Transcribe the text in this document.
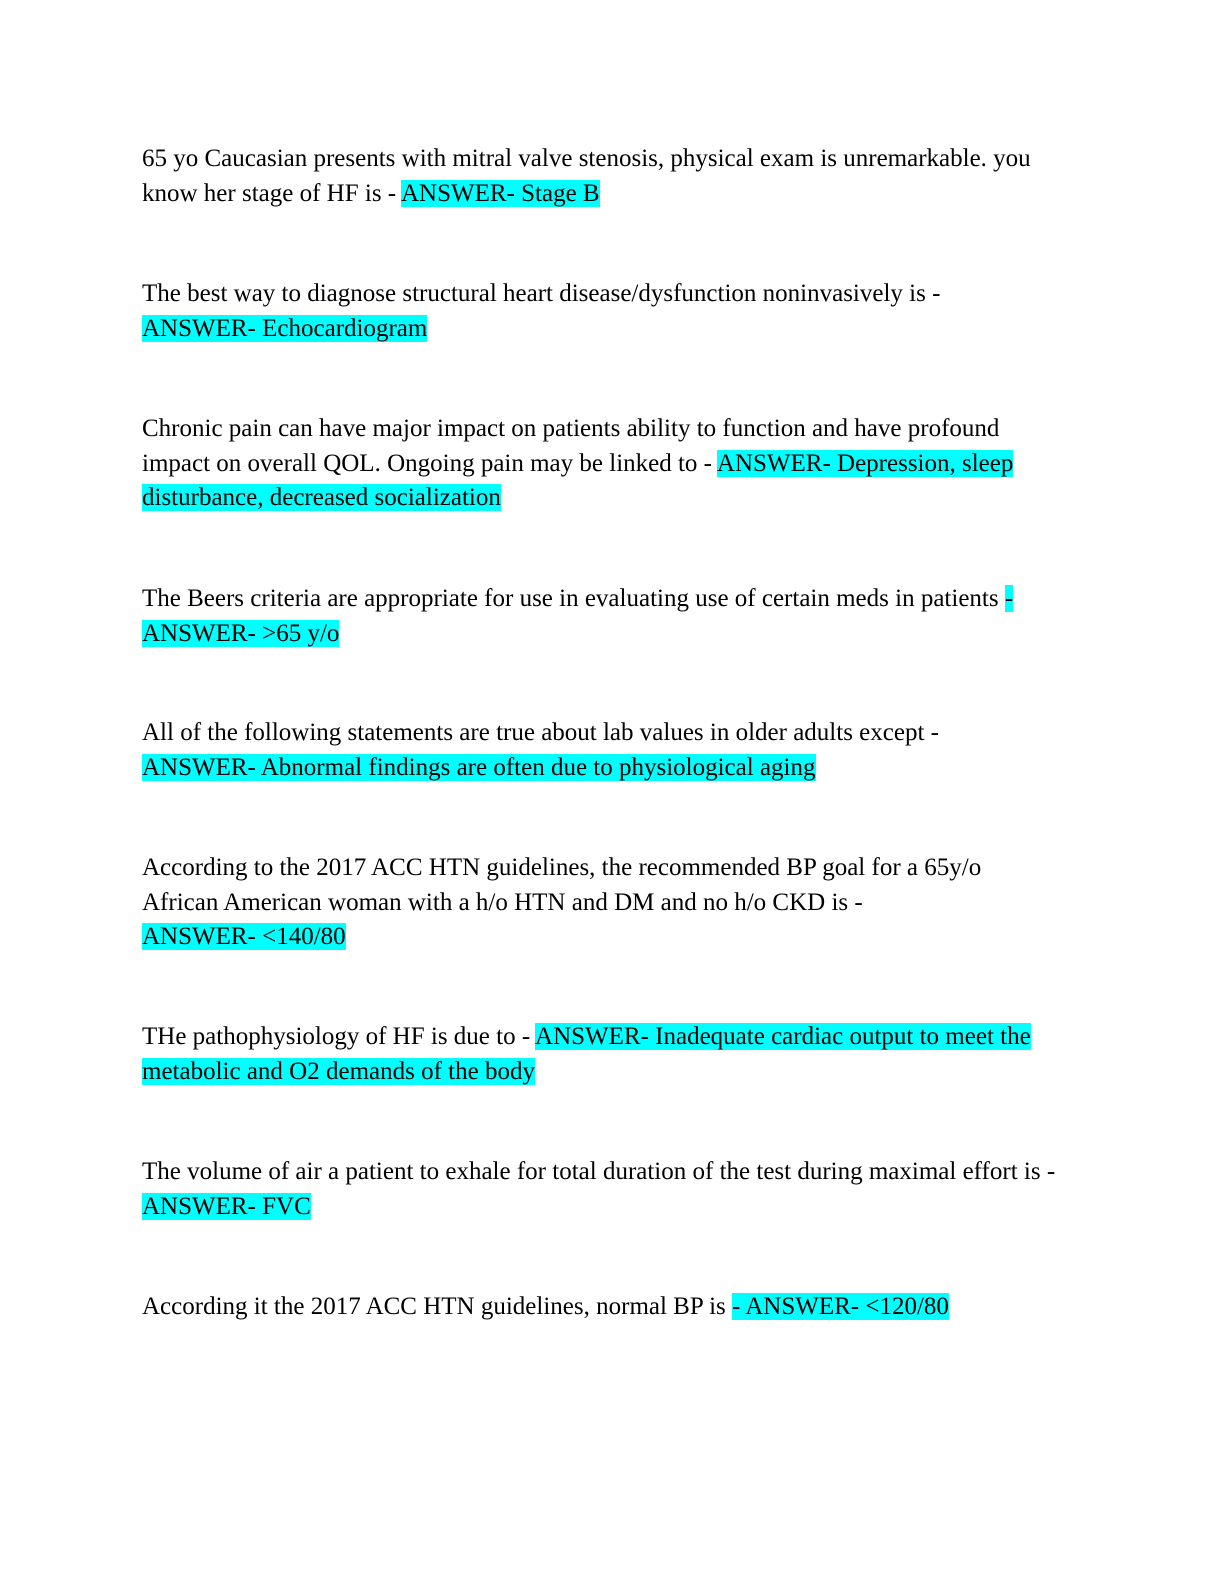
65 yo Caucasian presents with mitral valve stenosis, physical exam is unremarkable. you know her stage of HF is - ANSWER- Stage B

The best way to diagnose structural heart disease/dysfunction noninvasively is -
ANSWER- Echocardiogram

Chronic pain can have major impact on patients ability to function and have profound impact on overall QOL. Ongoing pain may be linked to - ANSWER- Depression, sleep disturbance, decreased socialization

The Beers criteria are appropriate for use in evaluating use of certain meds in patients - ANSWER- >65 y/o

All of the following statements are true about lab values in older adults except -
ANSWER- Abnormal findings are often due to physiological aging

According to the 2017 ACC HTN guidelines, the recommended BP goal for a 65y/o African American woman with a h/o HTN and DM and no h/o CKD is -
ANSWER- <140/80

THe pathophysiology of HF is due to - ANSWER- Inadequate cardiac output to meet the metabolic and O2 demands of the body

The volume of air a patient to exhale for total duration of the test during maximal effort is - ANSWER- FVC

According it the 2017 ACC HTN guidelines, normal BP is - ANSWER- <120/80
